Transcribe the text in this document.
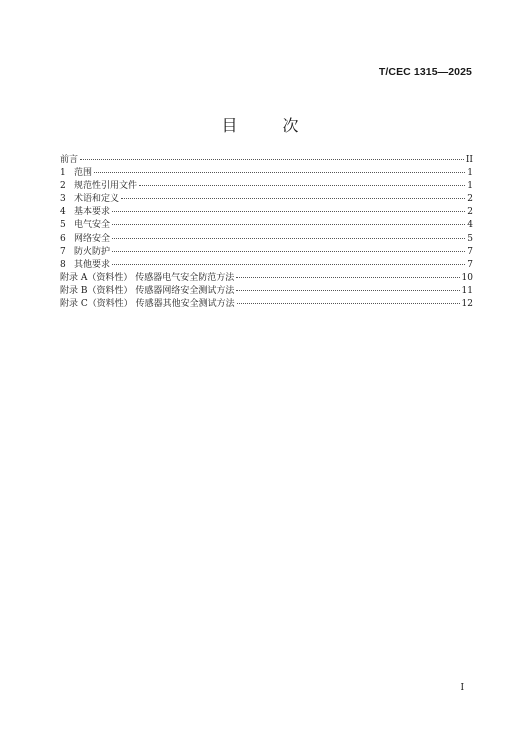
T/CEC 1315—2025
目 次
前言	II
1 范围	1
2 规范性引用文件	1
3 术语和定义	2
4 基本要求	2
5 电气安全	4
6 网络安全	5
7 防火防护	7
8 其他要求	7
附录 A（资料性） 传感器电气安全防范方法	10
附录 B（资料性） 传感器网络安全测试方法	11
附录 C（资料性） 传感器其他安全测试方法	12
I
